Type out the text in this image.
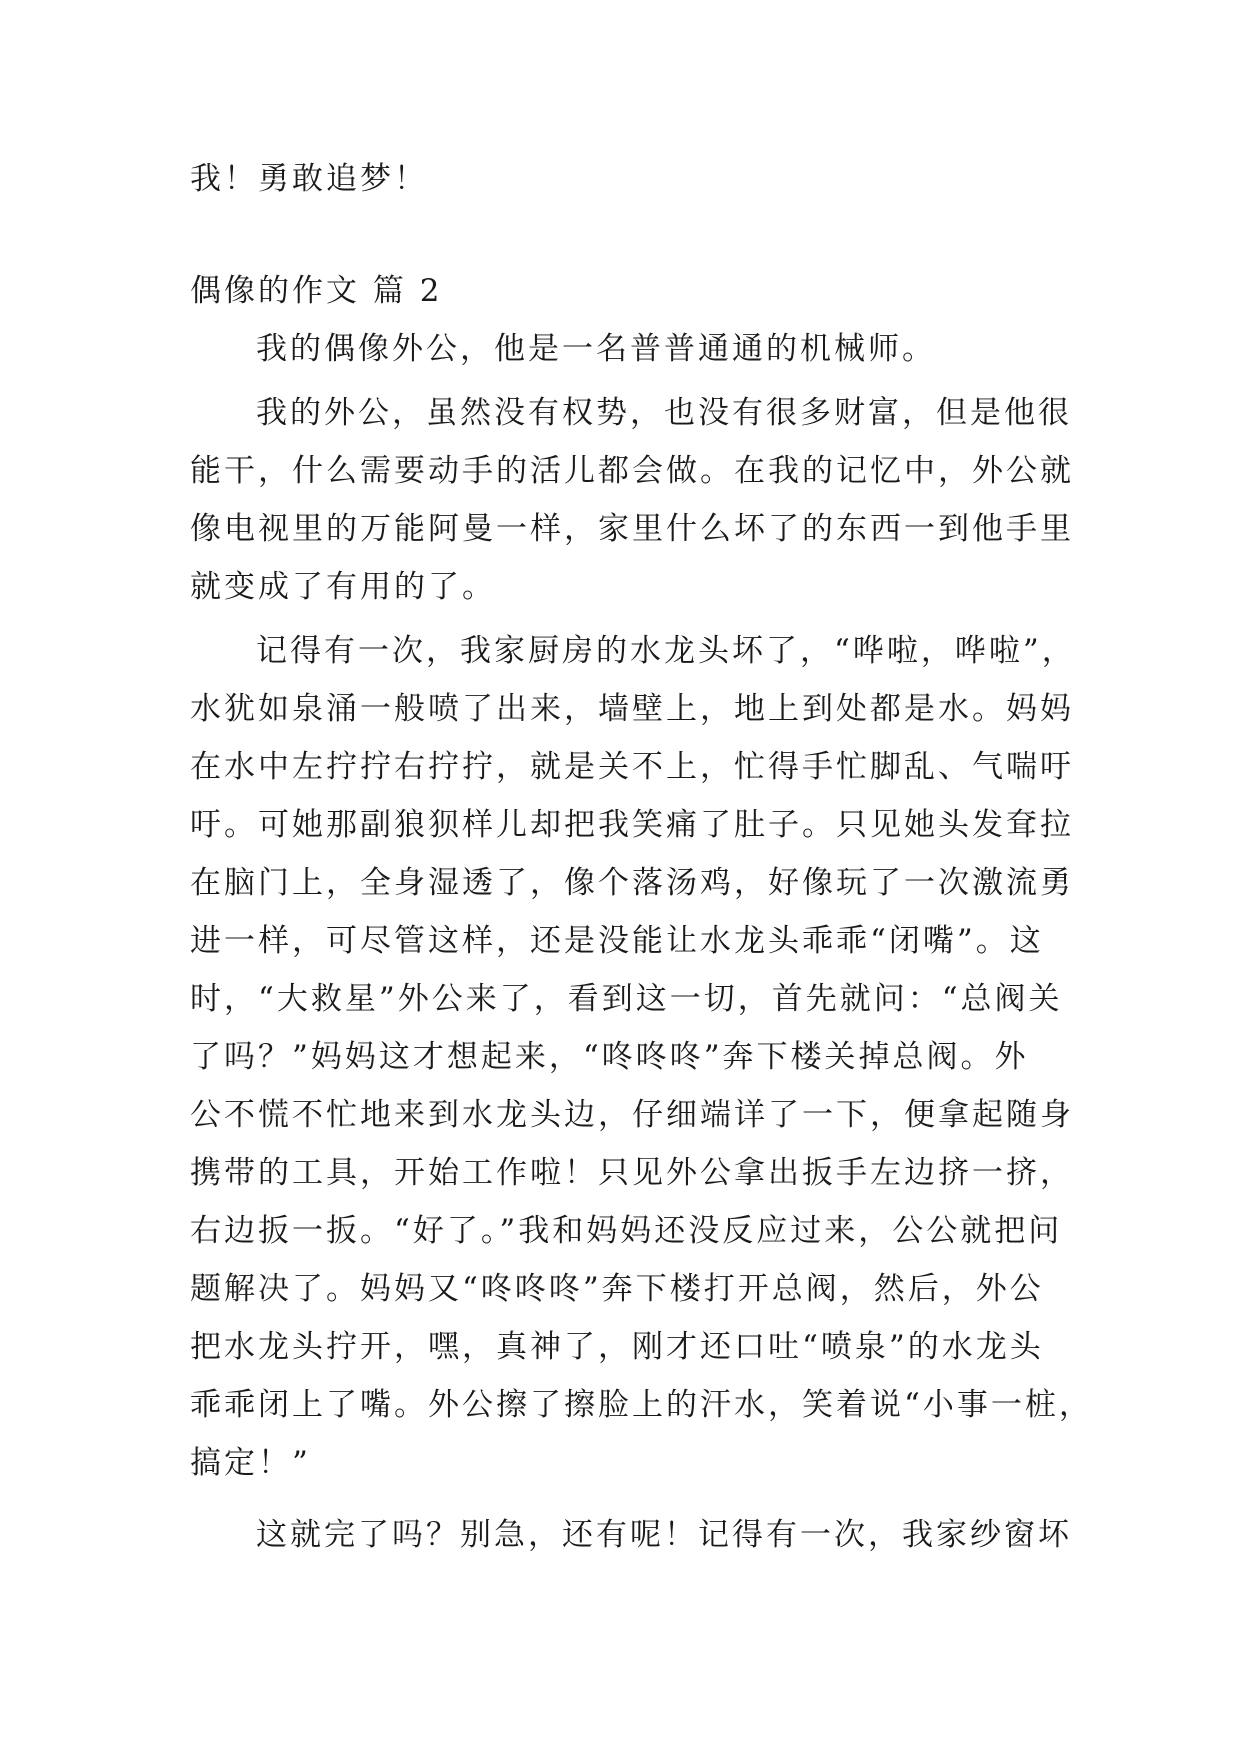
我！勇敢追梦！
偶像的作文 篇 2
我的偶像外公，他是一名普普通通的机械师。
我的外公，虽然没有权势，也没有很多财富，但是他很
能干，什么需要动手的活儿都会做。在我的记忆中，外公就
像电视里的万能阿曼一样，家里什么坏了的东西一到他手里
就变成了有用的了。
记得有一次，我家厨房的水龙头坏了，“哗啦，哗啦”，
水犹如泉涌一般喷了出来，墙壁上，地上到处都是水。妈妈
在水中左拧拧右拧拧，就是关不上，忙得手忙脚乱、气喘吁
吁。可她那副狼狈样儿却把我笑痛了肚子。只见她头发耷拉
在脑门上，全身湿透了，像个落汤鸡，好像玩了一次激流勇
进一样，可尽管这样，还是没能让水龙头乖乖“闭嘴”。这
时，“大救星”外公来了，看到这一切，首先就问：“总阀关
了吗？”妈妈这才想起来，“咚咚咚”奔下楼关掉总阀。外
公不慌不忙地来到水龙头边，仔细端详了一下，便拿起随身
携带的工具，开始工作啦！只见外公拿出扳手左边挤一挤，
右边扳一扳。“好了。”我和妈妈还没反应过来，公公就把问
题解决了。妈妈又“咚咚咚”奔下楼打开总阀，然后，外公
把水龙头拧开，嘿，真神了，刚才还口吐“喷泉”的水龙头
乖乖闭上了嘴。外公擦了擦脸上的汗水，笑着说“小事一桩，
搞定！”
这就完了吗？别急，还有呢！记得有一次，我家纱窗坏
